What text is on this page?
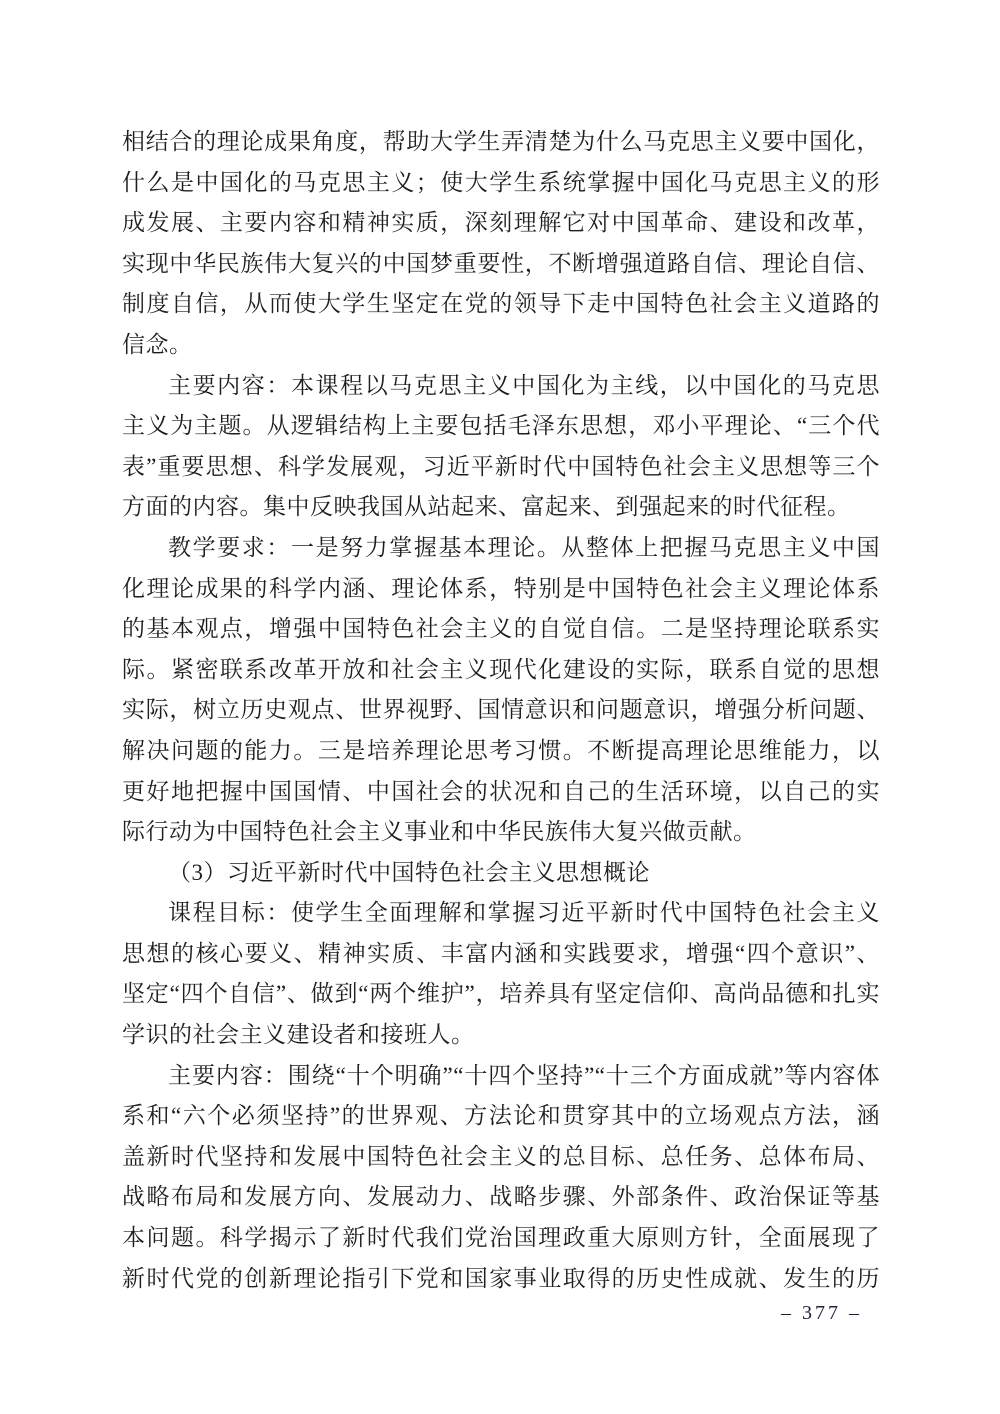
相结合的理论成果角度，帮助大学生弄清楚为什么马克思主义要中国化，
什么是中国化的马克思主义；使大学生系统掌握中国化马克思主义的形
成发展、主要内容和精神实质，深刻理解它对中国革命、建设和改革，
实现中华民族伟大复兴的中国梦重要性，不断增强道路自信、理论自信、
制度自信，从而使大学生坚定在党的领导下走中国特色社会主义道路的
信念。
主要内容：本课程以马克思主义中国化为主线，以中国化的马克思
主义为主题。从逻辑结构上主要包括毛泽东思想，邓小平理论、“三个代
表”重要思想、科学发展观，习近平新时代中国特色社会主义思想等三个
方面的内容。集中反映我国从站起来、富起来、到强起来的时代征程。
教学要求：一是努力掌握基本理论。从整体上把握马克思主义中国
化理论成果的科学内涵、理论体系，特别是中国特色社会主义理论体系
的基本观点，增强中国特色社会主义的自觉自信。二是坚持理论联系实
际。紧密联系改革开放和社会主义现代化建设的实际，联系自觉的思想
实际，树立历史观点、世界视野、国情意识和问题意识，增强分析问题、
解决问题的能力。三是培养理论思考习惯。不断提高理论思维能力，以
更好地把握中国国情、中国社会的状况和自己的生活环境，以自己的实
际行动为中国特色社会主义事业和中华民族伟大复兴做贡献。
（3）习近平新时代中国特色社会主义思想概论
课程目标：使学生全面理解和掌握习近平新时代中国特色社会主义
思想的核心要义、精神实质、丰富内涵和实践要求，增强“四个意识”、
坚定“四个自信”、做到“两个维护”，培养具有坚定信仰、高尚品德和扎实
学识的社会主义建设者和接班人。
主要内容：围绕“十个明确”“十四个坚持”“十三个方面成就”等内容体
系和“六个必须坚持”的世界观、方法论和贯穿其中的立场观点方法，涵
盖新时代坚持和发展中国特色社会主义的总目标、总任务、总体布局、
战略布局和发展方向、发展动力、战略步骤、外部条件、政治保证等基
本问题。科学揭示了新时代我们党治国理政重大原则方针，全面展现了
新时代党的创新理论指引下党和国家事业取得的历史性成就、发生的历
– 377 –
